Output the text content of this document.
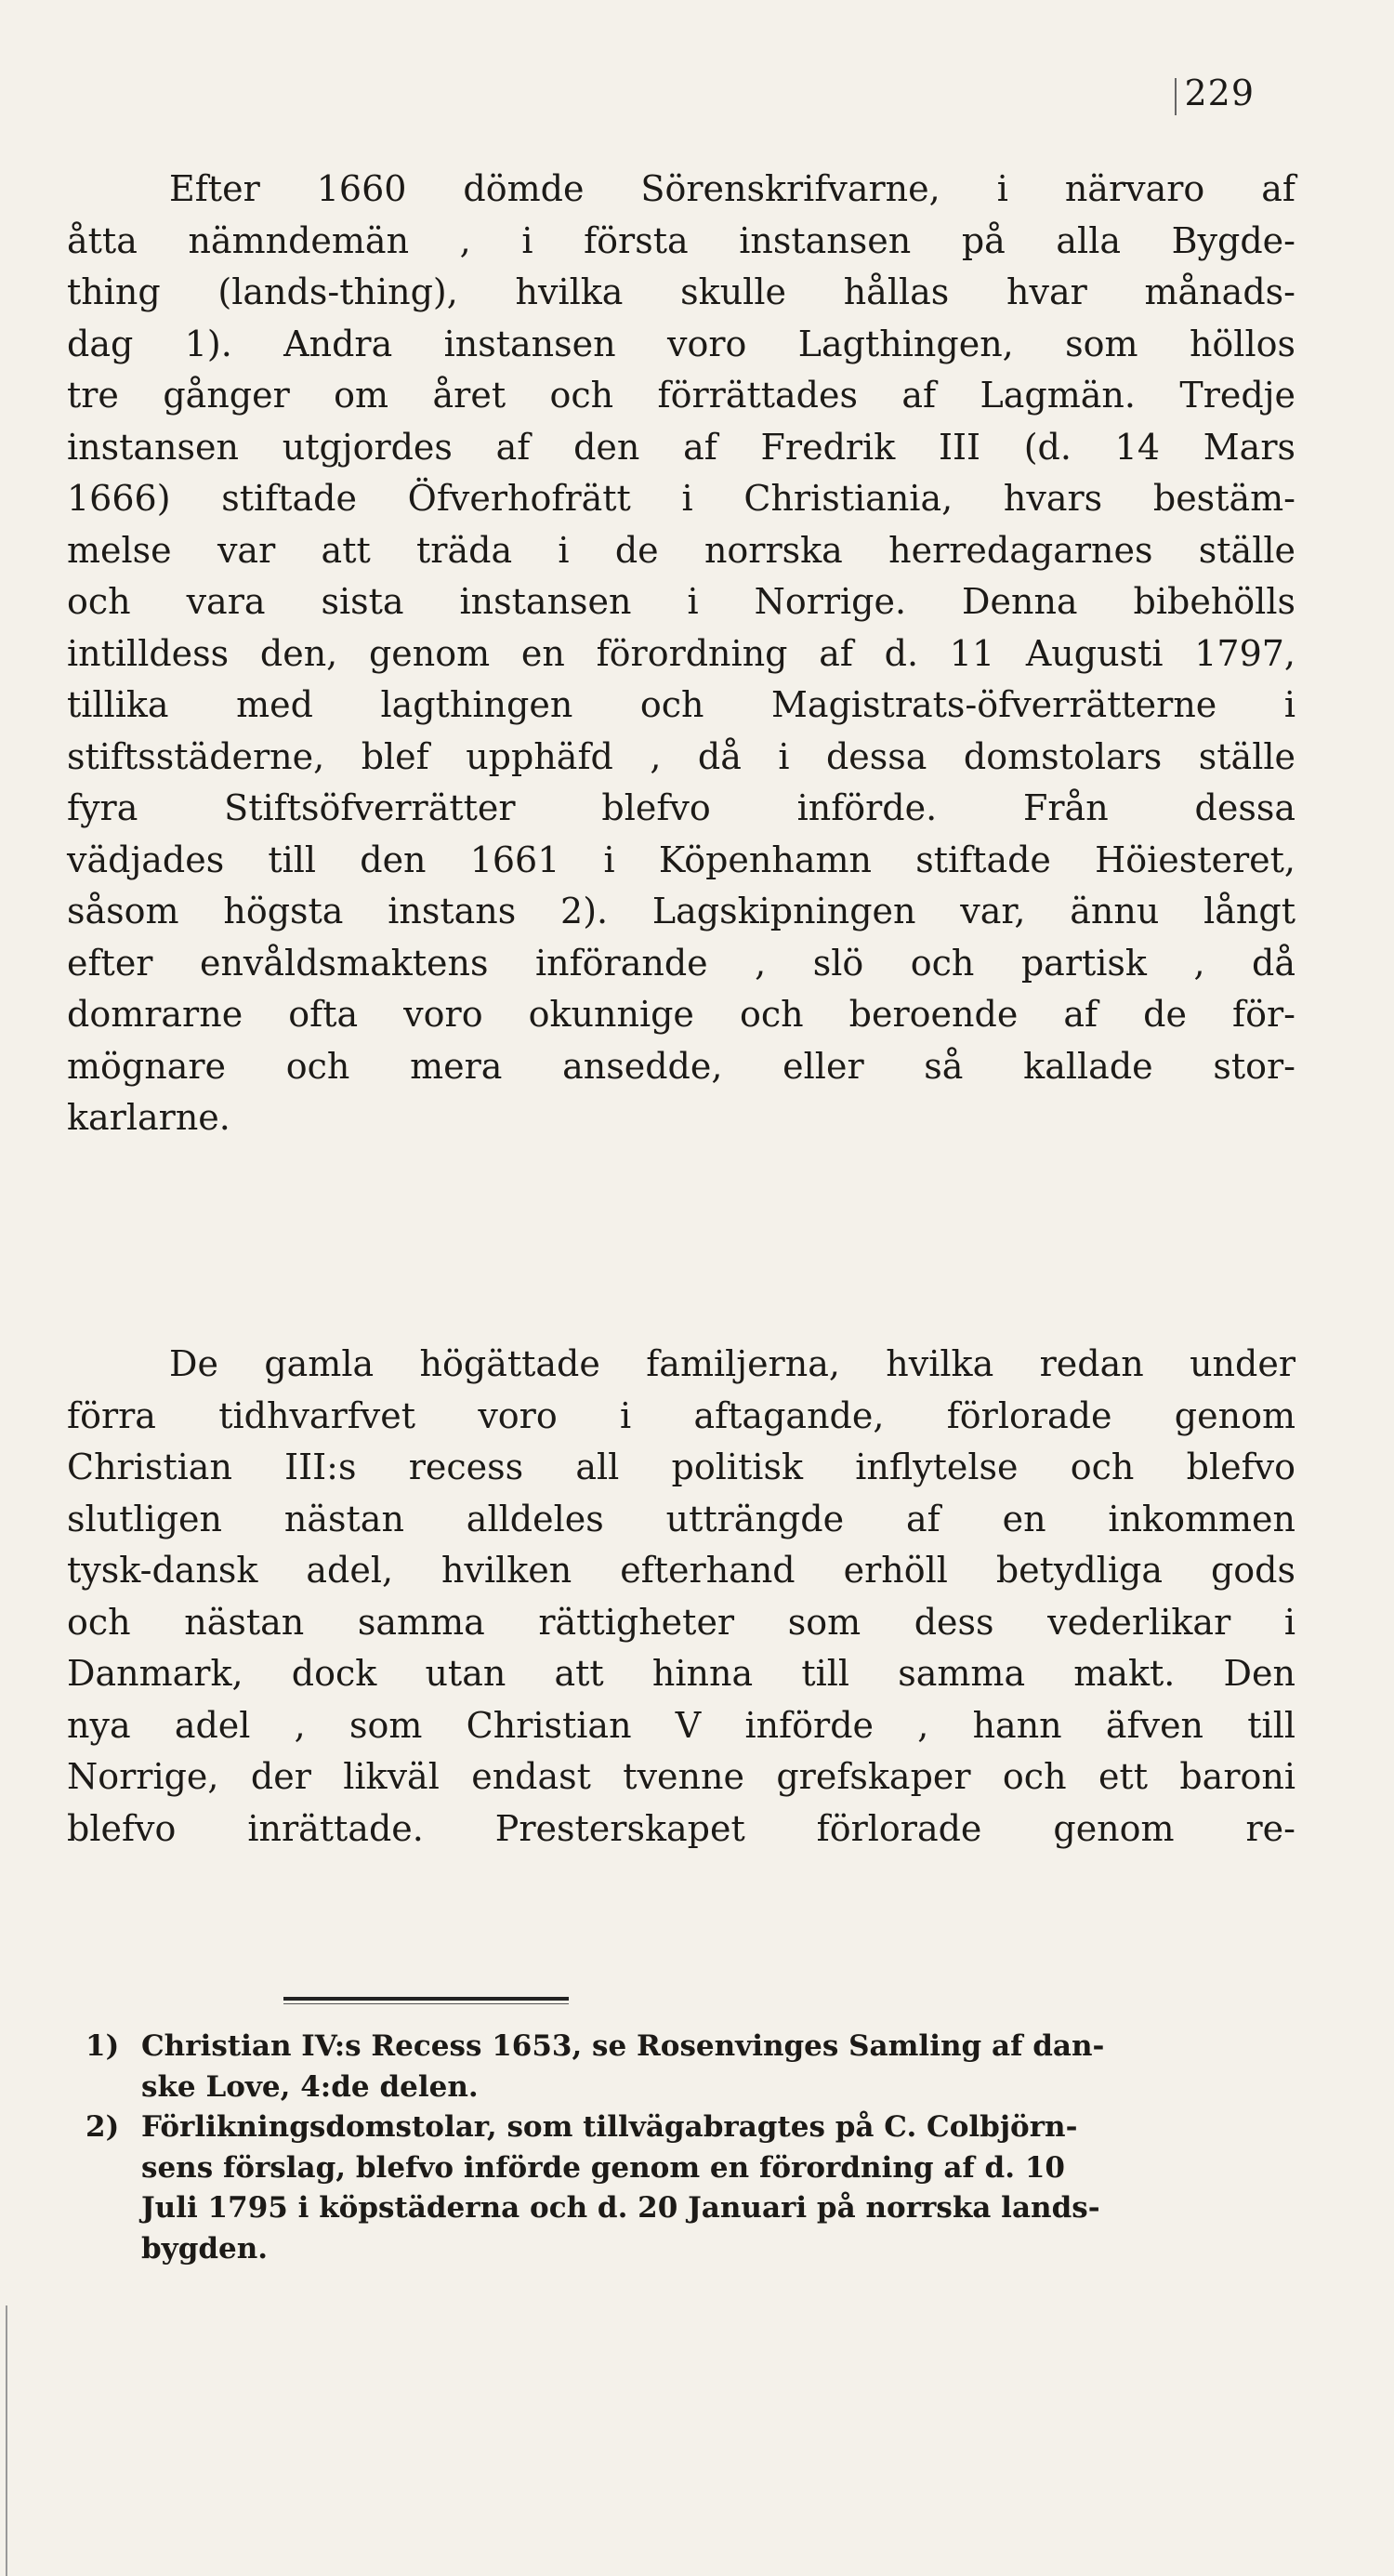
229
Efter 1660 dömde Sörenskrifvarne, i närvaro af
åtta nämndemän , i första instansen på alla Bygde-
thing (lands-thing), hvilka skulle hållas hvar månads-
dag 1). Andra instansen voro Lagthingen, som höllos
tre gånger om året och förrättades af Lagmän. Tredje
instansen utgjordes af den af Fredrik III (d. 14 Mars
1666) stiftade Öfverhofrätt i Christiania, hvars bestäm-
melse var att träda i de norrska herredagarnes ställe
och vara sista instansen i Norrige. Denna bibehölls
intilldess den, genom en förordning af d. 11 Augusti 1797,
tillika med lagthingen och Magistrats-öfverrätterne i
stiftsstäderne, blef upphäfd , då i dessa domstolars ställe
fyra Stiftsöfverrätter blefvo införde. Från dessa
vädjades till den 1661 i Köpenhamn stiftade Höiesteret,
såsom högsta instans 2). Lagskipningen var, ännu långt
efter envåldsmaktens införande , slö och partisk , då
domrarne ofta voro okunnige och beroende af de för-
mögnare och mera ansedde, eller så kallade stor-
karlarne.
De gamla högättade familjerna, hvilka redan under
förra tidhvarfvet voro i aftagande, förlorade genom
Christian III:s recess all politisk inflytelse och blefvo
slutligen nästan alldeles utträngde af en inkommen
tysk-dansk adel, hvilken efterhand erhöll betydliga gods
och nästan samma rättigheter som dess vederlikar i
Danmark, dock utan att hinna till samma makt. Den
nya adel , som Christian V införde , hann äfven till
Norrige, der likväl endast tvenne grefskaper och ett baroni
blefvo inrättade. Presterskapet förlorade genom re-
1) Christian IV:s Recess 1653, se Rosenvinges Samling af dan-
ske Love, 4:de delen.
2) Förlikningsdomstolar, som tillvägabragtes på C. Colbjörn-
sens förslag, blefvo införde genom en förordning af d. 10
Juli 1795 i köpstäderna och d. 20 Januari på norrska lands-
bygden.
